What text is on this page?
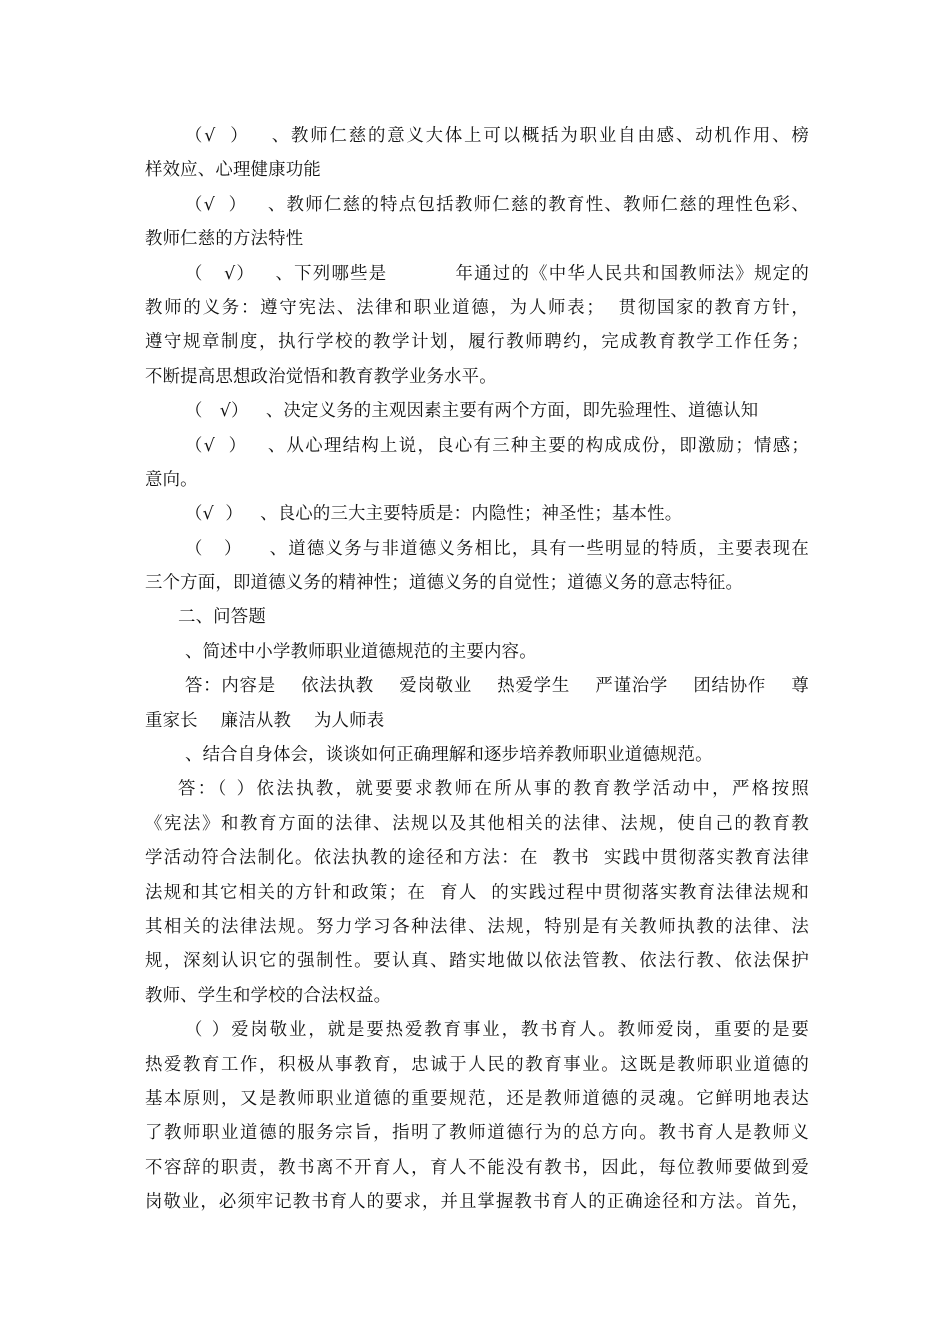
（√  ）   、教师仁慈的意义大体上可以概括为职业自由感、动机作用、榜
样效应、心理健康功能
（√  ）   、教师仁慈的特点包括教师仁慈的教育性、教师仁慈的理性色彩、
教师仁慈的方法特性
（   √）   、下列哪些是          年通过的《中华人民共和国教师法》规定的
教师的义务：遵守宪法、法律和职业道德，为人师表；  贯彻国家的教育方针，
遵守规章制度，执行学校的教学计划，履行教师聘约，完成教育教学工作任务；
不断提高思想政治觉悟和教育教学业务水平。
（   √）   、决定义务的主观因素主要有两个方面，即先验理性、道德认知
（√  ）   、从心理结构上说，良心有三种主要的构成成份，即激励；情感；
意向。
（√  ）   、良心的三大主要特质是：内隐性；神圣性；基本性。
（   ）    、道德义务与非道德义务相比，具有一些明显的特质，主要表现在
三个方面，即道德义务的精神性；道德义务的自觉性；道德义务的意志特征。
二、问答题
、简述中小学教师职业道德规范的主要内容。
答：内容是    依法执教    爱岗敬业    热爱学生    严谨治学    团结协作    尊
重家长    廉洁从教    为人师表
、结合自身体会，谈谈如何正确理解和逐步培养教师职业道德规范。
答：（ ）依法执教，就要要求教师在所从事的教育教学活动中，严格按照
《宪法》和教育方面的法律、法规以及其他相关的法律、法规，使自己的教育教
学活动符合法制化。依法执教的途径和方法：在  教书  实践中贯彻落实教育法律
法规和其它相关的方针和政策；在  育人  的实践过程中贯彻落实教育法律法规和
其相关的法律法规。努力学习各种法律、法规，特别是有关教师执教的法律、法
规，深刻认识它的强制性。要认真、踏实地做以依法管教、依法行教、依法保护
教师、学生和学校的合法权益。
（ ）爱岗敬业，就是要热爱教育事业，教书育人。教师爱岗，重要的是要
热爱教育工作，积极从事教育，忠诚于人民的教育事业。这既是教师职业道德的
基本原则，又是教师职业道德的重要规范，还是教师道德的灵魂。它鲜明地表达
了教师职业道德的服务宗旨，指明了教师道德行为的总方向。教书育人是教师义
不容辞的职责，教书离不开育人，育人不能没有教书，因此，每位教师要做到爱
岗敬业，必须牢记教书育人的要求，并且掌握教书育人的正确途径和方法。首先，
